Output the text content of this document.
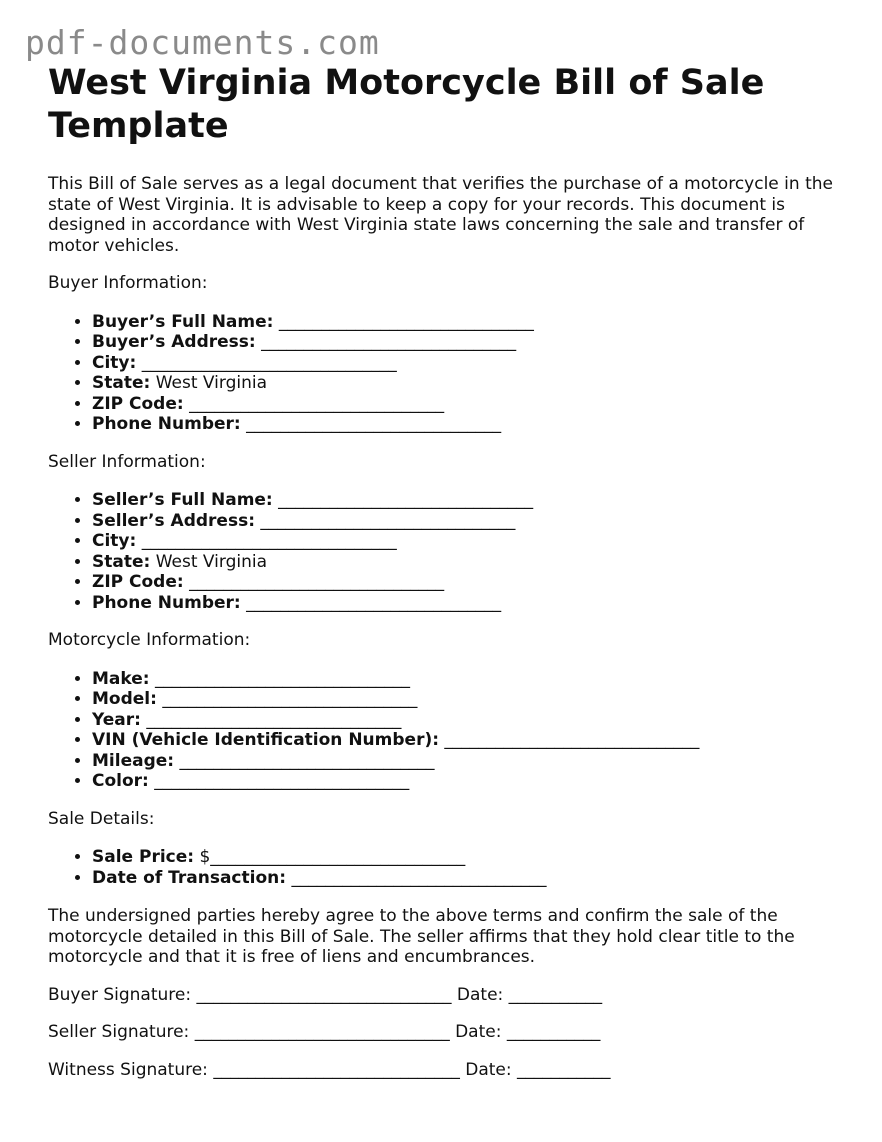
pdf-documents.com
West Virginia Motorcycle Bill of Sale Template

This Bill of Sale serves as a legal document that verifies the purchase of a motorcycle in the state of West Virginia. It is advisable to keep a copy for your records. This document is designed in accordance with West Virginia state laws concerning the sale and transfer of motor vehicles.

Buyer Information:

• Buyer’s Full Name: ______________________________
• Buyer’s Address: ______________________________
• City: ______________________________
• State: West Virginia
• ZIP Code: ______________________________
• Phone Number: ______________________________

Seller Information:

• Seller’s Full Name: ______________________________
• Seller’s Address: ______________________________
• City: ______________________________
• State: West Virginia
• ZIP Code: ______________________________
• Phone Number: ______________________________

Motorcycle Information:

• Make: ______________________________
• Model: ______________________________
• Year: ______________________________
• VIN (Vehicle Identification Number): ______________________________
• Mileage: ______________________________
• Color: ______________________________

Sale Details:

• Sale Price: $______________________________
• Date of Transaction: ______________________________

The undersigned parties hereby agree to the above terms and confirm the sale of the motorcycle detailed in this Bill of Sale. The seller affirms that they hold clear title to the motorcycle and that it is free of liens and encumbrances.

Buyer Signature: ______________________________ Date: ___________

Seller Signature: ______________________________ Date: ___________

Witness Signature: _____________________________ Date: ___________
